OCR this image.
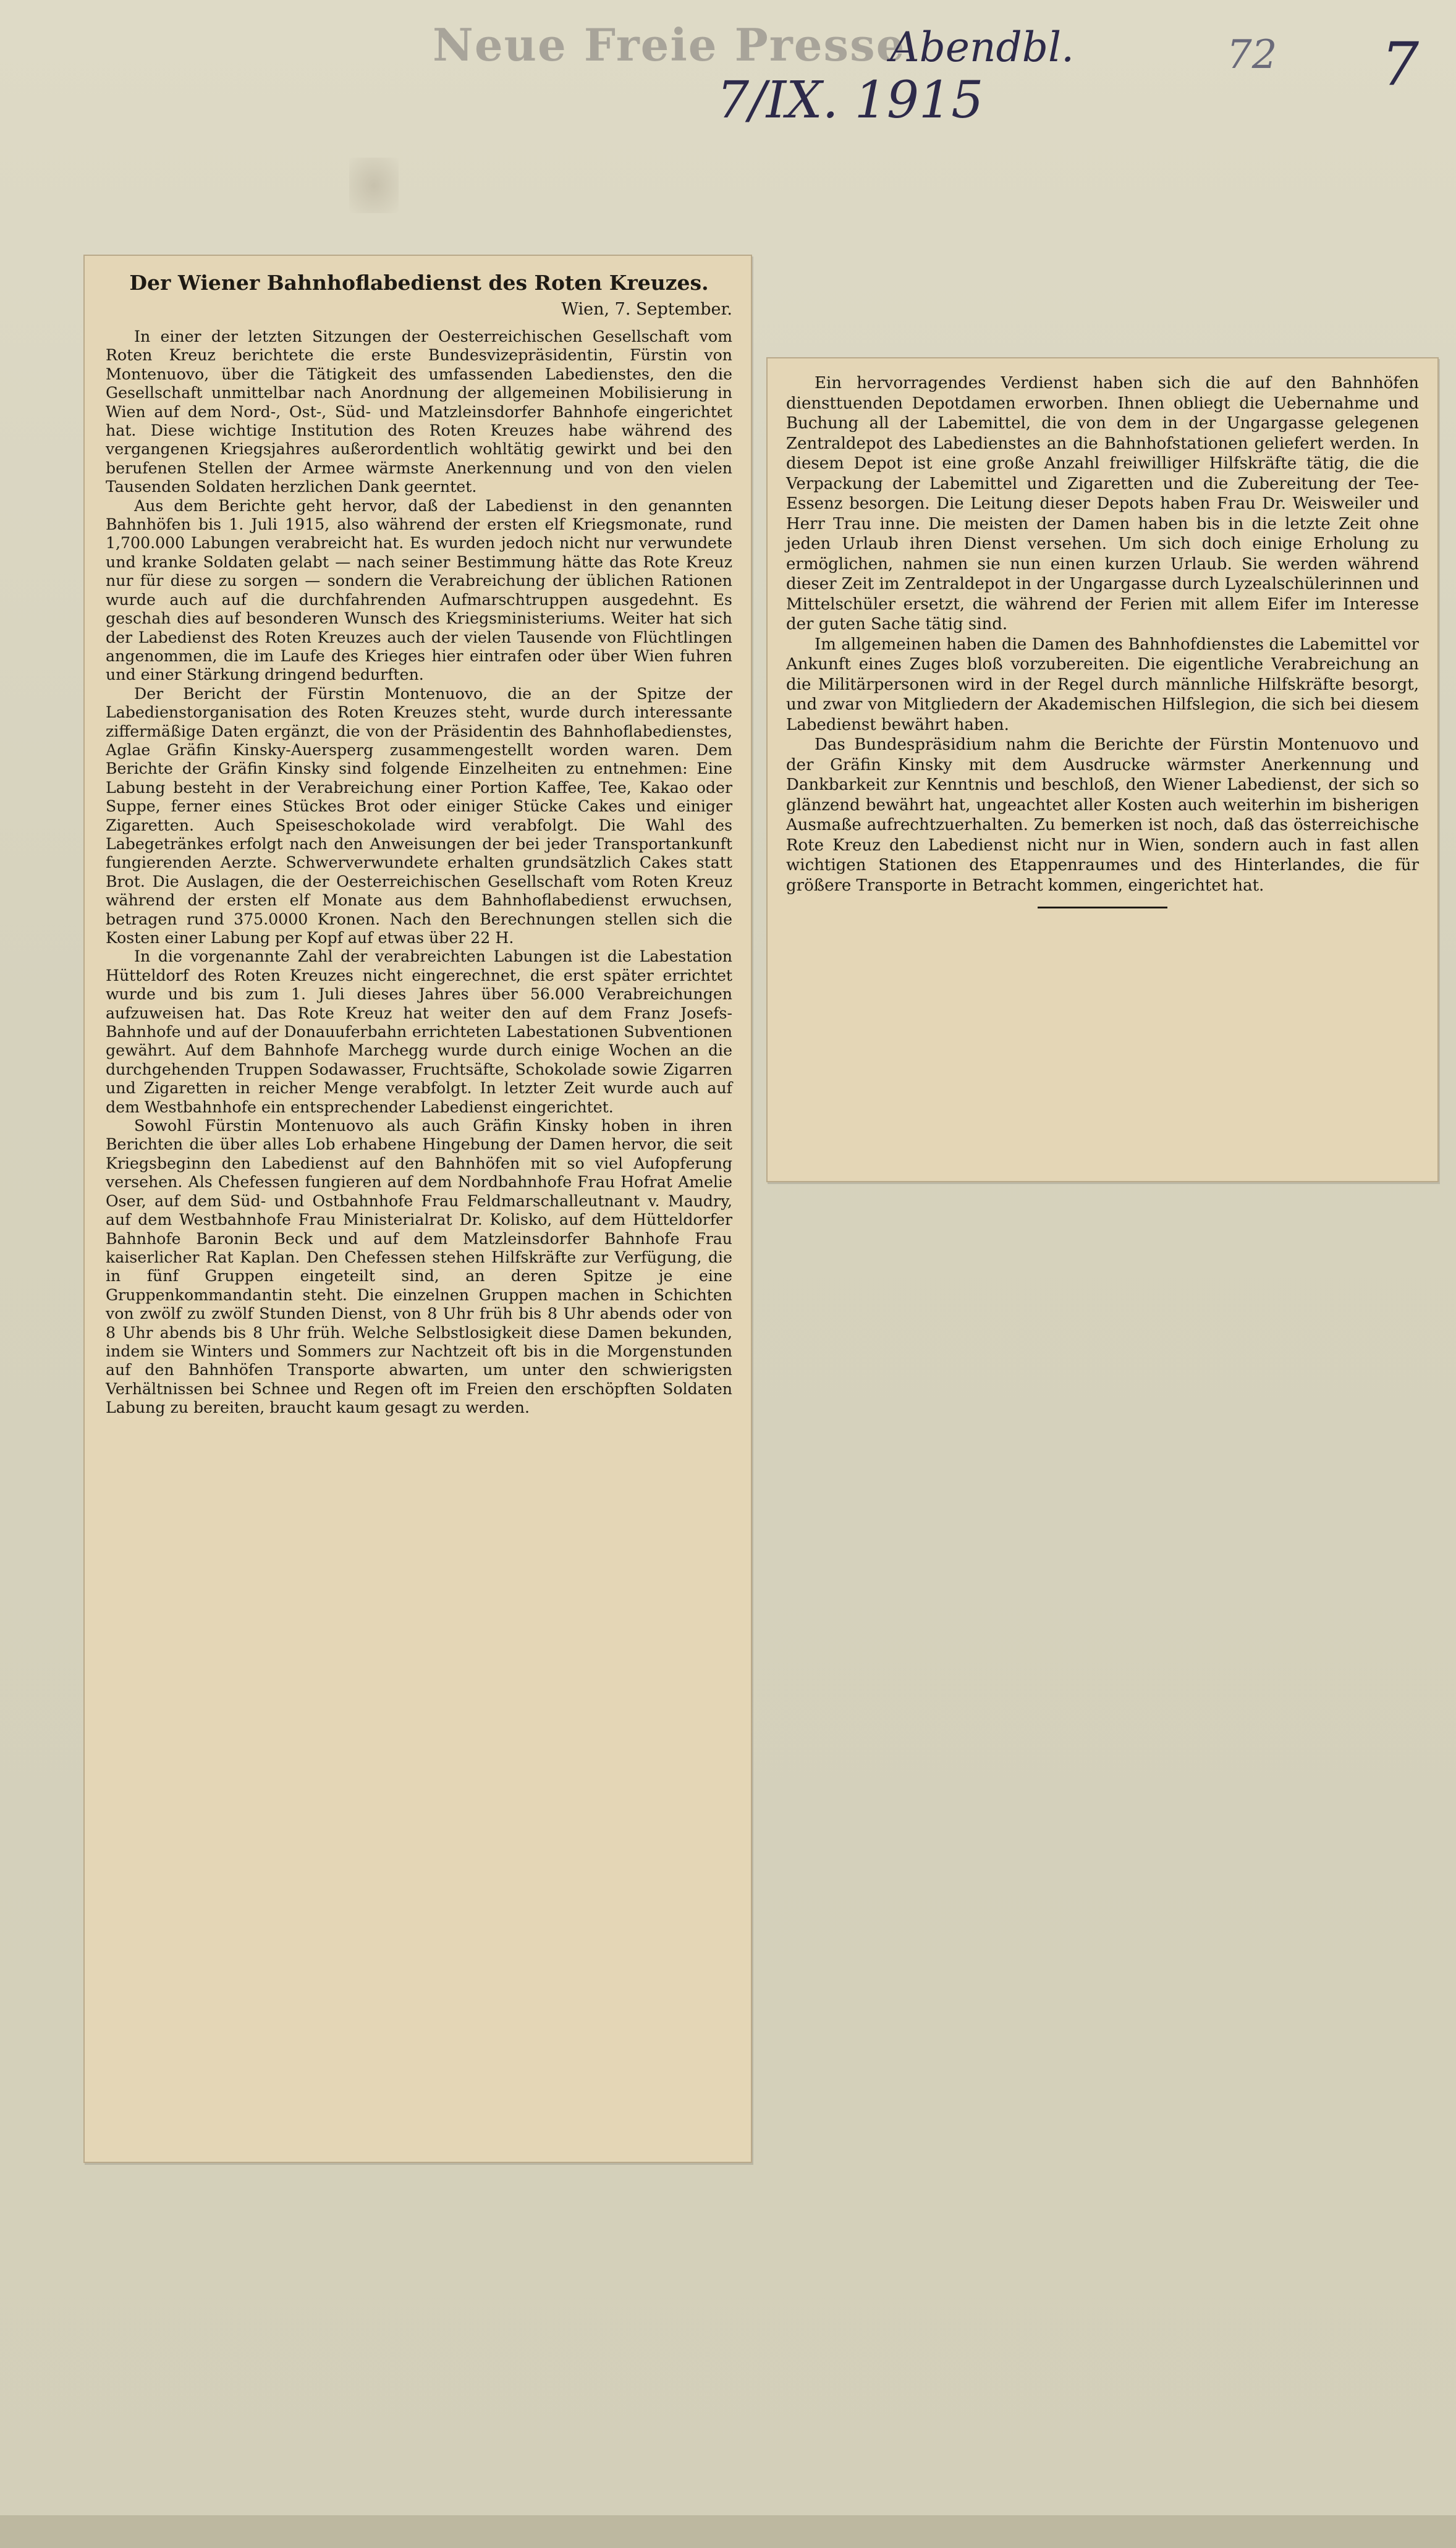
Neue Freie Presse
Abendbl.
7/IX. 1915
72 7
Der Wiener Bahnhoflabedienst des Roten Kreuzes.
Wien, 7. September.

In einer der letzten Sitzungen der Oesterreichischen Gesellschaft vom Roten Kreuz berichtete die erste Bundesvizepräsidentin, Fürstin von Montenuovo, über die Tätigkeit des umfassenden Labedienstes, den die Gesellschaft unmittelbar nach Anordnung der allgemeinen Mobilisierung in Wien auf dem Nord-, Ost-, Süd- und Matzleinsdorfer Bahnhofe eingerichtet hat. Diese wichtige Institution des Roten Kreuzes habe während des vergangenen Kriegsjahres außerordentlich wohltätig gewirkt und bei den berufenen Stellen der Armee wärmste Anerkennung und von den vielen Tausenden Soldaten herzlichen Dank geerntet.

Aus dem Berichte geht hervor, daß der Labedienst in den genannten Bahnhöfen bis 1. Juli 1915, also während der ersten elf Kriegsmonate, rund 1,700.000 Labungen verabreicht hat. Es wurden jedoch nicht nur verwundete und kranke Soldaten gelabt — nach seiner Bestimmung hätte das Rote Kreuz nur für diese zu sorgen — sondern die Verabreichung der üblichen Rationen wurde auch auf die durchfahrenden Aufmarschtruppen ausgedehnt. Es geschah dies auf besonderen Wunsch des Kriegsministeriums. Weiter hat sich der Labedienst des Roten Kreuzes auch der vielen Tausende von Flüchtlingen angenommen, die im Laufe des Krieges hier eintrafen oder über Wien fuhren und einer Stärkung dringend bedurften.

Der Bericht der Fürstin Montenuovo, die an der Spitze der Labedienstorganisation des Roten Kreuzes steht, wurde durch interessante ziffermäßige Daten ergänzt, die von der Präsidentin des Bahnhoflabedienstes, Aglae Gräfin Kinsky-Auersperg zusammengestellt worden waren. Dem Berichte der Gräfin Kinsky sind folgende Einzelheiten zu entnehmen: Eine Labung besteht in der Verabreichung einer Portion Kaffee, Tee, Kakao oder Suppe, ferner eines Stückes Brot oder einiger Stücke Cakes und einiger Zigaretten. Auch Speiseschokolade wird verabfolgt. Die Wahl des Labegetränkes erfolgt nach den Anweisungen der bei jeder Transportankunft fungierenden Aerzte. Schwerverwundete erhalten grundsätzlich Cakes statt Brot. Die Auslagen, die der Oesterreichischen Gesellschaft vom Roten Kreuz während der ersten elf Monate aus dem Bahnhoflabedienst erwuchsen, betragen rund 375.0000 Kronen. Nach den Berechnungen stellen sich die Kosten einer Labung per Kopf auf etwas über 22 H.

In die vorgenannte Zahl der verabreichten Labungen ist die Labestation Hütteldorf des Roten Kreuzes nicht eingerechnet, die erst später errichtet wurde und bis zum 1. Juli dieses Jahres über 56.000 Verabreichungen aufzuweisen hat. Das Rote Kreuz hat weiter den auf dem Franz Josefs-Bahnhofe und auf der Donauuferbahn errichteten Labestationen Subventionen gewährt. Auf dem Bahnhofe Marchegg wurde durch einige Wochen an die durchgehenden Truppen Sodawasser, Fruchtsäfte, Schokolade sowie Zigarren und Zigaretten in reicher Menge verabfolgt. In letzter Zeit wurde auch auf dem Westbahnhofe ein entsprechender Labedienst eingerichtet.

Sowohl Fürstin Montenuovo als auch Gräfin Kinsky hoben in ihren Berichten die über alles Lob erhabene Hingebung der Damen hervor, die seit Kriegsbeginn den Labedienst auf den Bahnhöfen mit so viel Aufopferung versehen. Als Chefessen fungieren auf dem Nordbahnhofe Frau Hofrat Amelie Oser, auf dem Süd- und Ostbahnhofe Frau Feldmarschalleutnant v. Maudry, auf dem Westbahnhofe Frau Ministerialrat Dr. Kolisko, auf dem Hütteldorfer Bahnhofe Baronin Beck und auf dem Matzleinsdorfer Bahnhofe Frau kaiserlicher Rat Kaplan. Den Chefessen stehen Hilfskräfte zur Verfügung, die in fünf Gruppen eingeteilt sind, an deren Spitze je eine Gruppenkommandantin steht. Die einzelnen Gruppen machen in Schichten von zwölf zu zwölf Stunden Dienst, von 8 Uhr früh bis 8 Uhr abends oder von 8 Uhr abends bis 8 Uhr früh. Welche Selbstlosigkeit diese Damen bekunden, indem sie Winters und Sommers zur Nachtzeit oft bis in die Morgenstunden auf den Bahnhöfen Transporte abwarten, um unter den schwierigsten Verhältnissen bei Schnee und Regen oft im Freien den erschöpften Soldaten Labung zu bereiten, braucht kaum gesagt zu werden.

Ein hervorragendes Verdienst haben sich die auf den Bahnhöfen diensttuenden Depotdamen erworben. Ihnen obliegt die Uebernahme und Buchung all der Labemittel, die von dem in der Ungargasse gelegenen Zentraldepot des Labedienstes an die Bahnhofstationen geliefert werden. In diesem Depot ist eine große Anzahl freiwilliger Hilfskräfte tätig, die die Verpackung der Labemittel und Zigaretten und die Zubereitung der Tee-Essenz besorgen. Die Leitung dieser Depots haben Frau Dr. Weisweiler und Herr Trau inne. Die meisten der Damen haben bis in die letzte Zeit ohne jeden Urlaub ihren Dienst versehen. Um sich doch einige Erholung zu ermöglichen, nahmen sie nun einen kurzen Urlaub. Sie werden während dieser Zeit im Zentraldepot in der Ungargasse durch Lyzealschülerinnen und Mittelschüler ersetzt, die während der Ferien mit allem Eifer im Interesse der guten Sache tätig sind.

Im allgemeinen haben die Damen des Bahnhofdienstes die Labemittel vor Ankunft eines Zuges bloß vorzubereiten. Die eigentliche Verabreichung an die Militärpersonen wird in der Regel durch männliche Hilfskräfte besorgt, und zwar von Mitgliedern der Akademischen Hilfslegion, die sich bei diesem Labedienst bewährt haben.

Das Bundespräsidium nahm die Berichte der Fürstin Montenuovo und der Gräfin Kinsky mit dem Ausdrucke wärmster Anerkennung und Dankbarkeit zur Kenntnis und beschloß, den Wiener Labedienst, der sich so glänzend bewährt hat, ungeachtet aller Kosten auch weiterhin im bisherigen Ausmaße aufrechtzuerhalten. Zu bemerken ist noch, daß das österreichische Rote Kreuz den Labedienst nicht nur in Wien, sondern auch in fast allen wichtigen Stationen des Etappenraumes und des Hinterlandes, die für größere Transporte in Betracht kommen, eingerichtet hat.
